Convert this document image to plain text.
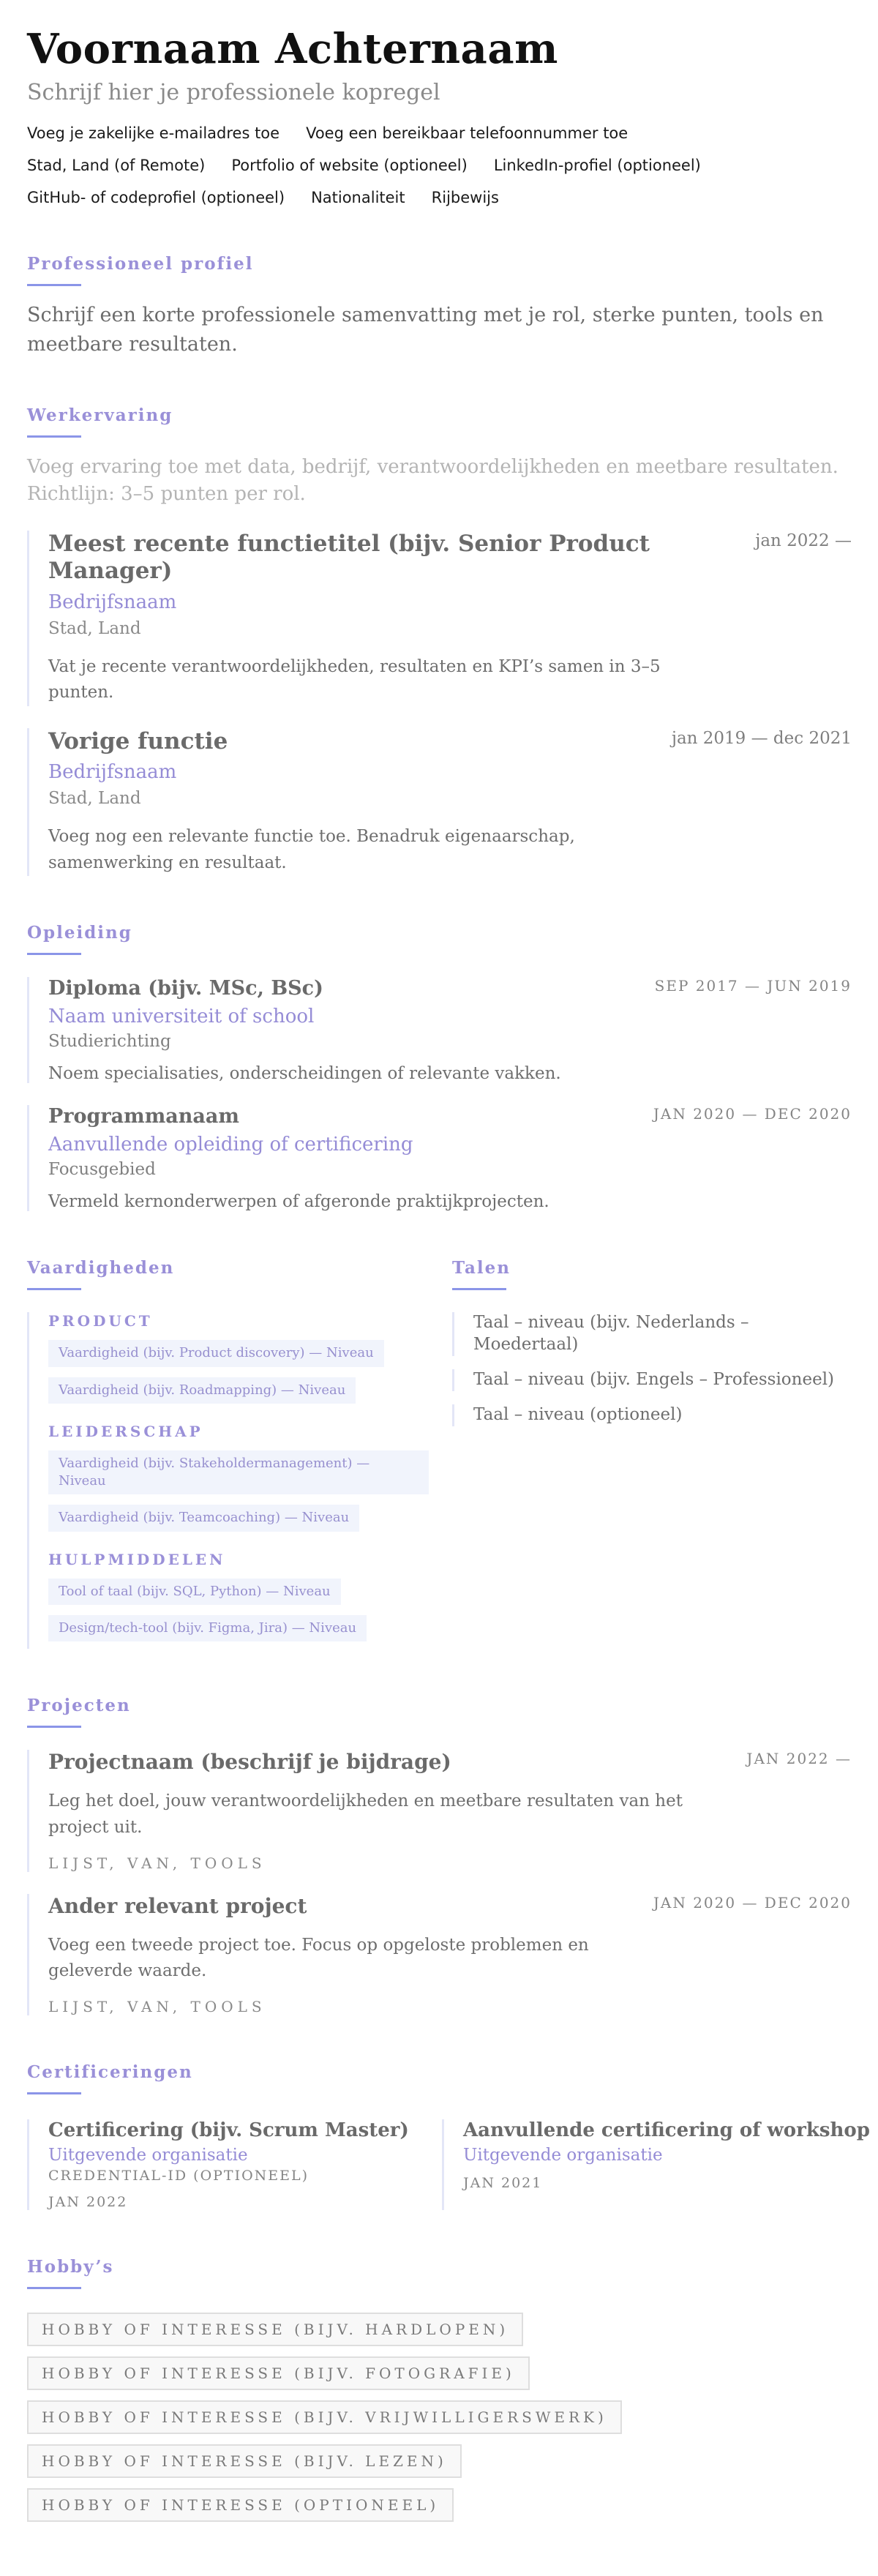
Voornaam Achternaam
Schrijf hier je professionele kopregel
Voeg je zakelijke e-mailadres toe Voeg een bereikbaar telefoonnummer toe
Stad, Land (of Remote) Portfolio of website (optioneel) LinkedIn-profiel (optioneel)
GitHub- of codeprofiel (optioneel) Nationaliteit Rijbewijs
Professioneel profiel

Schrijf een korte professionele samenvatting met je rol, sterke punten, tools en meetbare resultaten.

Werkervaring

Voeg ervaring toe met data, bedrijf, verantwoordelijkheden en meetbare resultaten. Richtlijn: 3–5 punten per rol.

Meest recente functietitel (bijv. Senior Product Manager)
jan 2022 —
Bedrijfsnaam
Stad, Land

Vat je recente verantwoordelijkheden, resultaten en KPI’s samen in 3–5 punten.

Vorige functie	jan 2019 — dec 2021
Bedrijfsnaam
Stad, Land

Voeg nog een relevante functie toe. Benadruk eigenaarschap, samenwerking en resultaat.

Opleiding
Diploma (bijv. MSc, BSc)	SEP 2017 — JUN 2019
Naam universiteit of school
Studierichting

Noem specialisaties, onderscheidingen of relevante vakken.

Programmanaam	JAN 2020 — DEC 2020
Aanvullende opleiding of certificering
Focusgebied

Vermeld kernonderwerpen of afgeronde praktijkprojecten.

Vaardigheden
PRODUCT
Vaardigheid (bijv. Product discovery) — Niveau
Vaardigheid (bijv. Roadmapping) — Niveau
LEIDERSCHAP
Vaardigheid (bijv. Stakeholdermanagement) — Niveau
Vaardigheid (bijv. Teamcoaching) — Niveau
HULPMIDDELEN
Tool of taal (bijv. SQL, Python) — Niveau
Design/tech-tool (bijv. Figma, Jira) — Niveau
Talen
Taal – niveau (bijv. Nederlands – Moedertaal)
Taal – niveau (bijv. Engels – Professioneel)
Taal – niveau (optioneel)
Projecten
Projectnaam (beschrijf je bijdrage)	JAN 2022 —

Leg het doel, jouw verantwoordelijkheden en meetbare resultaten van het project uit.

LIJST, VAN, TOOLS
Ander relevant project	JAN 2020 — DEC 2020

Voeg een tweede project toe. Focus op opgeloste problemen en geleverde waarde.

LIJST, VAN, TOOLS
Certificeringen
Certificering (bijv. Scrum Master)
Uitgevende organisatie
CREDENTIAL-ID (OPTIONEEL)
JAN 2022
Aanvullende certificering of workshop
Uitgevende organisatie
JAN 2021
Hobby’s
HOBBY OF INTERESSE (BIJV. HARDLOPEN)
HOBBY OF INTERESSE (BIJV. FOTOGRAFIE)
HOBBY OF INTERESSE (BIJV. VRIJWILLIGERSWERK)
HOBBY OF INTERESSE (BIJV. LEZEN)
HOBBY OF INTERESSE (OPTIONEEL)
